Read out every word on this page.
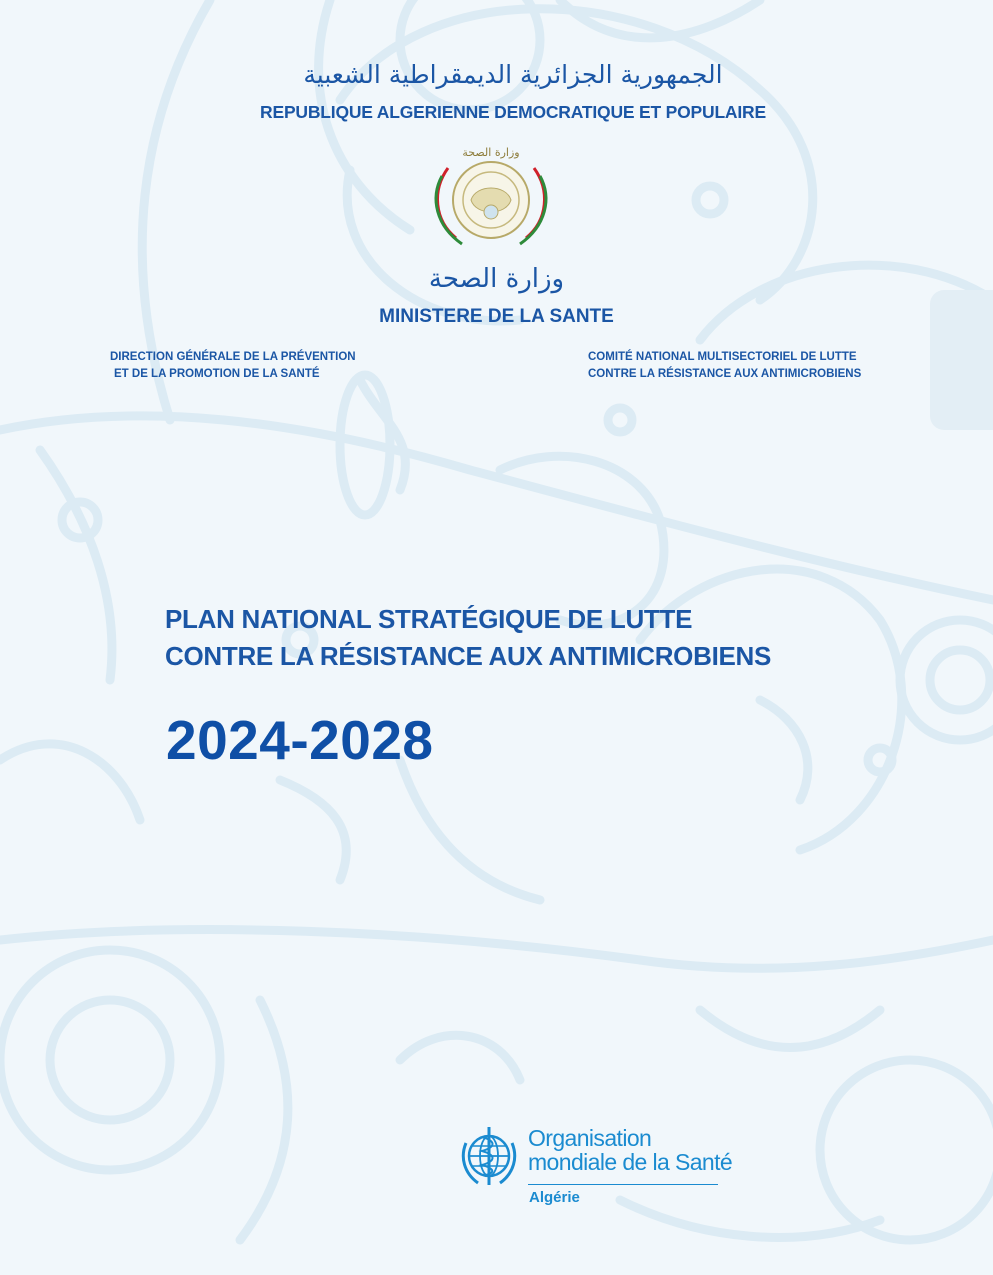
الجمهورية الجزائرية الديمقراطية الشعبية
REPUBLIQUE ALGERIENNE DEMOCRATIQUE ET POPULAIRE
وزارة الصحة
وزارة الصحة
MINISTERE DE LA SANTE
DIRECTION GÉNÉRALE DE LA PRÉVENTION
ET DE LA PROMOTION DE LA SANTÉ
COMITÉ NATIONAL MULTISECTORIEL DE LUTTE
CONTRE LA RÉSISTANCE AUX ANTIMICROBIENS
PLAN NATIONAL STRATÉGIQUE DE LUTTE
CONTRE LA RÉSISTANCE AUX ANTIMICROBIENS
2024-2028
Organisation
mondiale de la Santé
Algérie
